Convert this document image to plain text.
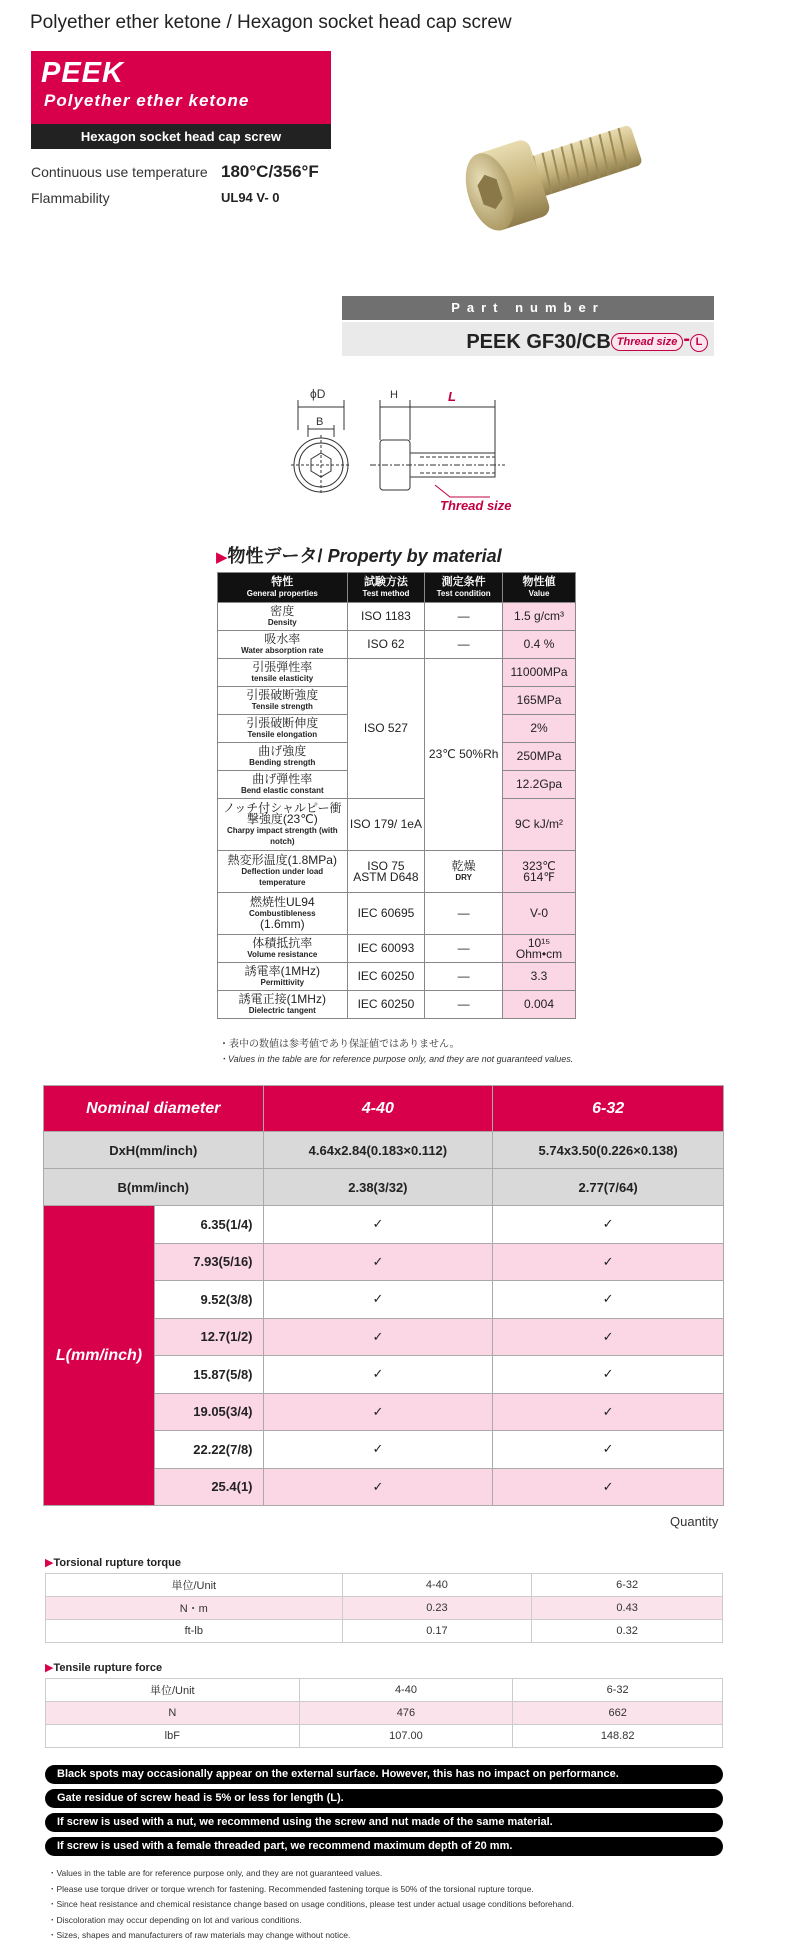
Polyether ether ketone / Hexagon socket head cap screw
PEEK
Polyether ether ketone
Hexagon socket head cap screw
Continuous use temperature 180°C/356°F
Flammability	UL94 V- 0
Part number
PEEK GF30/CB Thread size - L
ϕD
B
H	L
Thread size
▶物性データ/ Property by material
特性
General properties	試験方法
Test method	測定条件
Test condition	物性値
Value

密度
Density	ISO 1183	—	1.5 g/cm³
吸水率
Water absorption rate	ISO 62	—	0.4 %
引張弾性率
tensile elasticity	ISO 527	23℃ 50%Rh	11000MPa
引張破断強度
Tensile strength			165MPa
引張破断伸度
Tensile elongation			2%
曲げ強度
Bending strength			250MPa
曲げ弾性率
Bend elastic constant			12.2Gpa
ノッチ付シャルピー衝撃強度(23℃)
Charpy impact strength (with notch)	ISO 179/ 1eA		9C kJ/m²
熱変形温度(1.8MPa)
Deflection under load temperature	ISO 75 ASTM D648	乾燥
DRY	323℃ 614℉
燃焼性UL94
Combustibleness
(1.6mm)	IEC 60695	—	V-0
体積抵抗率
Volume resistance	IEC 60093	—	10¹⁵ Ohm•cm
誘電率(1MHz)
Permittivity	IEC 60250	—	3.3
誘電正接(1MHz)
Dielectric tangent	IEC 60250	—	0.004
・表中の数値は参考値であり保証値ではありません。
・Values in the table are for reference purpose only, and they are not guaranteed values.
Nominal diameter		4-40	6-32
DxH(mm/inch)		4.64x2.84(0.183×0.112)	5.74x3.50(0.226×0.138)
B(mm/inch)		2.38(3/32)	2.77(7/64)
L(mm/inch)	6.35(1/4)	✓	✓
	7.93(5/16)	✓	✓
	9.52(3/8)	✓	✓
	12.7(1/2)	✓	✓
	15.87(5/8)	✓	✓
	19.05(3/4)	✓	✓
	22.22(7/8)	✓	✓
	25.4(1)	✓	✓
Quantity
▶Torsional rupture torque
単位/Unit	4-40	6-32
N・m	0.23	0.43
ft-lb	0.17	0.32
▶Tensile rupture force
単位/Unit	4-40	6-32
N	476	662
lbF	107.00	148.82
Black spots may occasionally appear on the external surface. However, this has no impact on performance.
Gate residue of screw head is 5% or less for length (L).
If screw is used with a nut, we recommend using the screw and nut made of the same material.
If screw is used with a female threaded part, we recommend maximum depth of 20 mm.
・Values in the table are for reference purpose only, and they are not guaranteed values.
・Please use torque driver or torque wrench for fastening. Recommended fastening torque is 50% of the torsional rupture torque.
・Since heat resistance and chemical resistance change based on usage conditions, please test under actual usage conditions beforehand.
・Discoloration may occur depending on lot and various conditions.
・Sizes, shapes and manufacturers of raw materials may change without notice.
